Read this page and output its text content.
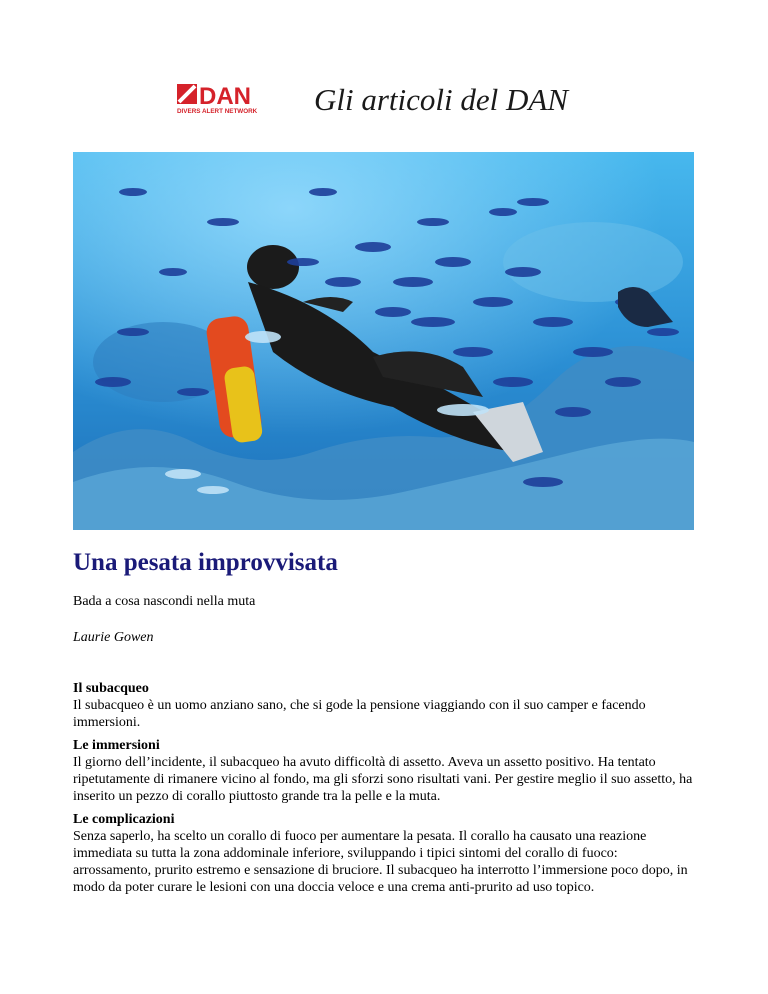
DAN
DIVERS ALERT NETWORK Gli articoli del DAN
Una pesata improvvisata
Bada a cosa nascondi nella muta
Laurie Gowen
Il subacqueo
Il subacqueo è un uomo anziano sano, che si gode la pensione viaggiando con il suo camper e facendo immersioni.
Le immersioni
Il giorno dell’incidente, il subacqueo ha avuto difficoltà di assetto. Aveva un assetto positivo. Ha tentato ripetutamente di rimanere vicino al fondo, ma gli sforzi sono risultati vani. Per gestire meglio il suo assetto, ha inserito un pezzo di corallo piuttosto grande tra la pelle e la muta.
Le complicazioni
Senza saperlo, ha scelto un corallo di fuoco per aumentare la pesata. Il corallo ha causato una reazione immediata su tutta la zona addominale inferiore, sviluppando i tipici sintomi del corallo di fuoco: arrossamento, prurito estremo e sensazione di bruciore. Il subacqueo ha interrotto l’immersione poco dopo, in modo da poter curare le lesioni con una doccia veloce e una crema anti-prurito ad uso topico.
